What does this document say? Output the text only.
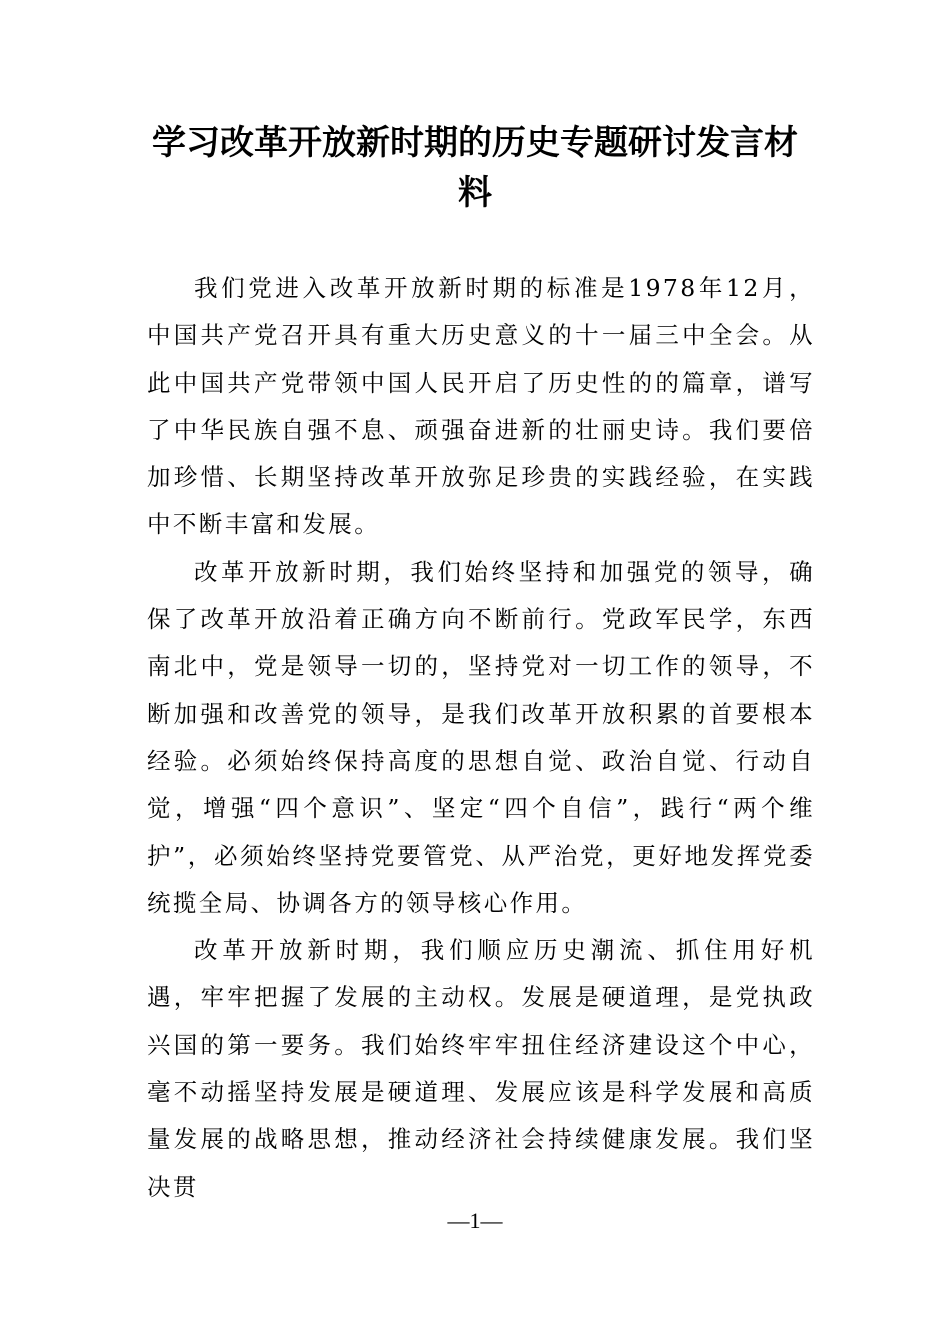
学习改革开放新时期的历史专题研讨发言材料

我们党进入改革开放新时期的标准是1978年12月，中国共产党召开具有重大历史意义的十一届三中全会。从此中国共产党带领中国人民开启了历史性的的篇章，谱写了中华民族自强不息、顽强奋进新的壮丽史诗。我们要倍加珍惜、长期坚持改革开放弥足珍贵的实践经验，在实践中不断丰富和发展。

改革开放新时期，我们始终坚持和加强党的领导，确保了改革开放沿着正确方向不断前行。党政军民学，东西南北中，党是领导一切的，坚持党对一切工作的领导，不断加强和改善党的领导，是我们改革开放积累的首要根本经验。必须始终保持高度的思想自觉、政治自觉、行动自觉，增强“四个意识”、坚定“四个自信”，践行“两个维护”，必须始终坚持党要管党、从严治党，更好地发挥党委统揽全局、协调各方的领导核心作用。

改革开放新时期，我们顺应历史潮流、抓住用好机遇，牢牢把握了发展的主动权。发展是硬道理，是党执政兴国的第一要务。我们始终牢牢扭住经济建设这个中心，毫不动摇坚持发展是硬道理、发展应该是科学发展和高质量发展的战略思想，推动经济社会持续健康发展。我们坚决贯

—1—
